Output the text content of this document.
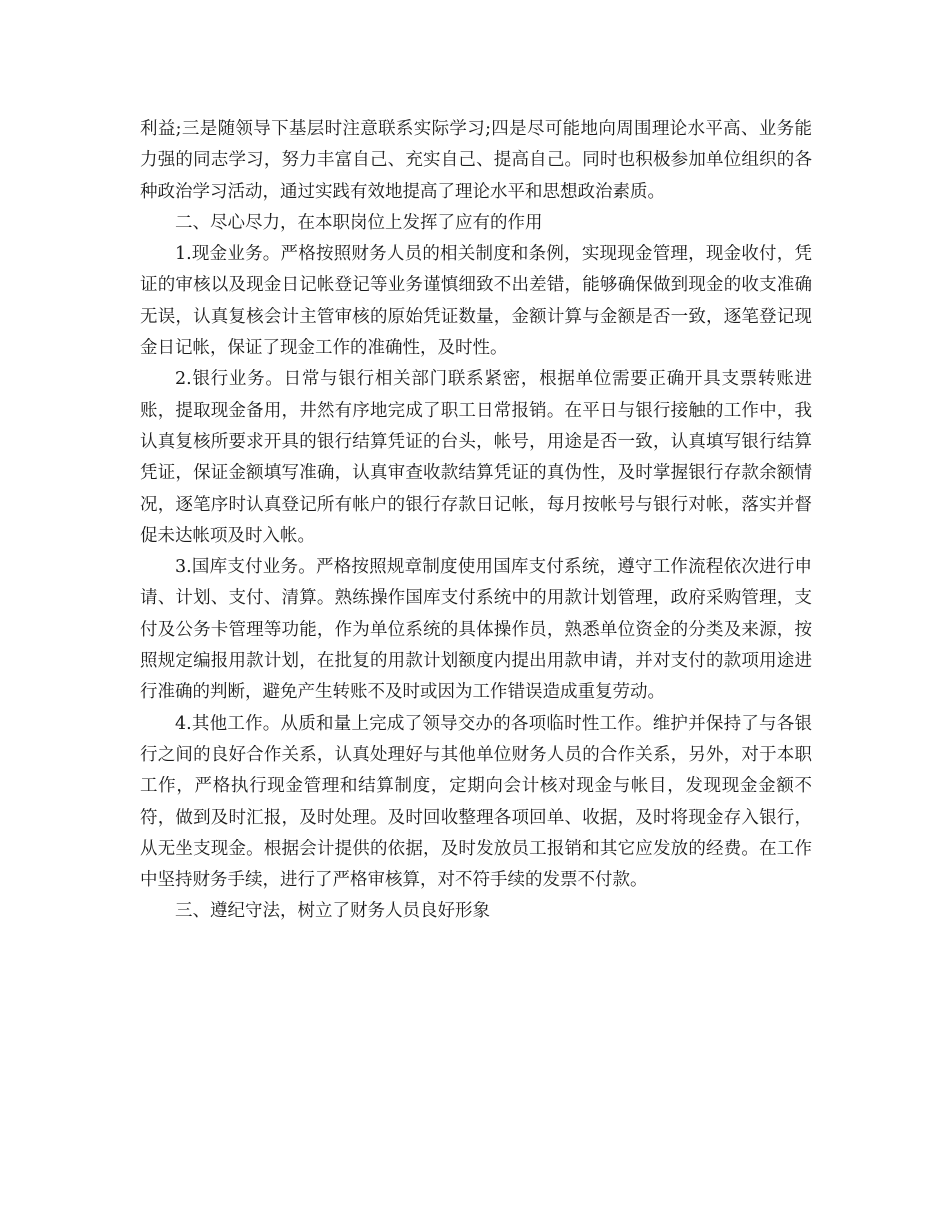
利益;三是随领导下基层时注意联系实际学习;四是尽可能地向周围理论水平高、业务能力强的同志学习，努力丰富自己、充实自己、提高自己。同时也积极参加单位组织的各种政治学习活动，通过实践有效地提高了理论水平和思想政治素质。

二、尽心尽力，在本职岗位上发挥了应有的作用

1.现金业务。严格按照财务人员的相关制度和条例，实现现金管理，现金收付，凭证的审核以及现金日记帐登记等业务谨慎细致不出差错，能够确保做到现金的收支准确无误，认真复核会计主管审核的原始凭证数量，金额计算与金额是否一致，逐笔登记现金日记帐，保证了现金工作的准确性，及时性。

2.银行业务。日常与银行相关部门联系紧密，根据单位需要正确开具支票转账进账，提取现金备用，井然有序地完成了职工日常报销。在平日与银行接触的工作中，我认真复核所要求开具的银行结算凭证的台头，帐号，用途是否一致，认真填写银行结算凭证，保证金额填写准确，认真审查收款结算凭证的真伪性，及时掌握银行存款余额情况，逐笔序时认真登记所有帐户的银行存款日记帐，每月按帐号与银行对帐，落实并督促未达帐项及时入帐。

3.国库支付业务。严格按照规章制度使用国库支付系统，遵守工作流程依次进行申请、计划、支付、清算。熟练操作国库支付系统中的用款计划管理，政府采购管理，支付及公务卡管理等功能，作为单位系统的具体操作员，熟悉单位资金的分类及来源，按照规定编报用款计划，在批复的用款计划额度内提出用款申请，并对支付的款项用途进行准确的判断，避免产生转账不及时或因为工作错误造成重复劳动。

4.其他工作。从质和量上完成了领导交办的各项临时性工作。维护并保持了与各银行之间的良好合作关系，认真处理好与其他单位财务人员的合作关系，另外，对于本职工作，严格执行现金管理和结算制度，定期向会计核对现金与帐目，发现现金金额不符，做到及时汇报，及时处理。及时回收整理各项回单、收据，及时将现金存入银行，从无坐支现金。根据会计提供的依据，及时发放员工报销和其它应发放的经费。在工作中坚持财务手续，进行了严格审核算，对不符手续的发票不付款。

三、遵纪守法，树立了财务人员良好形象
